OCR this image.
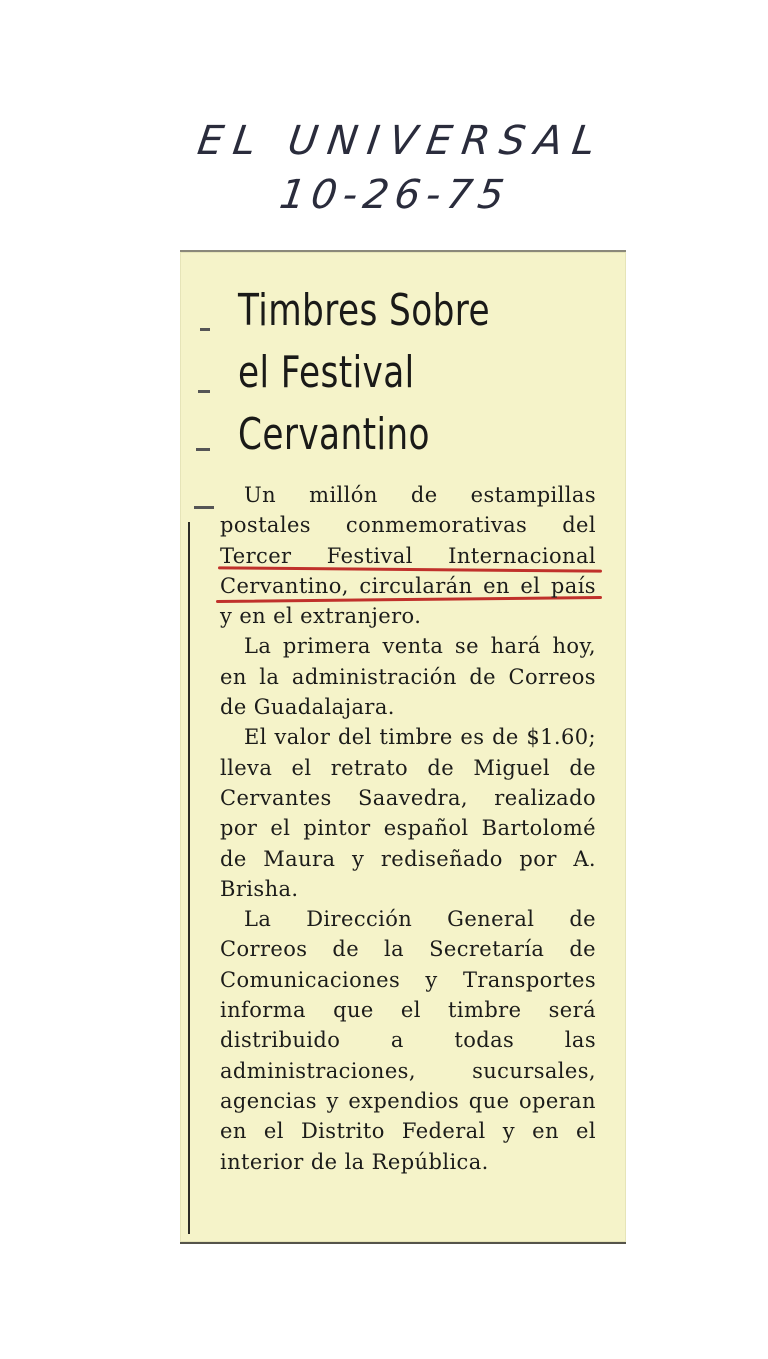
EL UNIVERSAL
10-26-75
Timbres Sobre
el Festival
Cervantino

Un millón de estampillas postales conmemorativas del Tercer Festival Internacional Cervantino, circularán en el país y en el extranjero.

La primera venta se hará hoy, en la administración de Correos de Guadalajara.

El valor del timbre es de $1.60; lleva el retrato de Miguel de Cervantes Saavedra, realizado por el pintor español Bartolomé de Maura y rediseñado por A. Brisha.

La Dirección General de Correos de la Secretaría de Comunicaciones y Transportes informa que el timbre será distribuido a todas las administraciones, sucursales, agencias y expendios que operan en el Distrito Federal y en el interior de la República.
